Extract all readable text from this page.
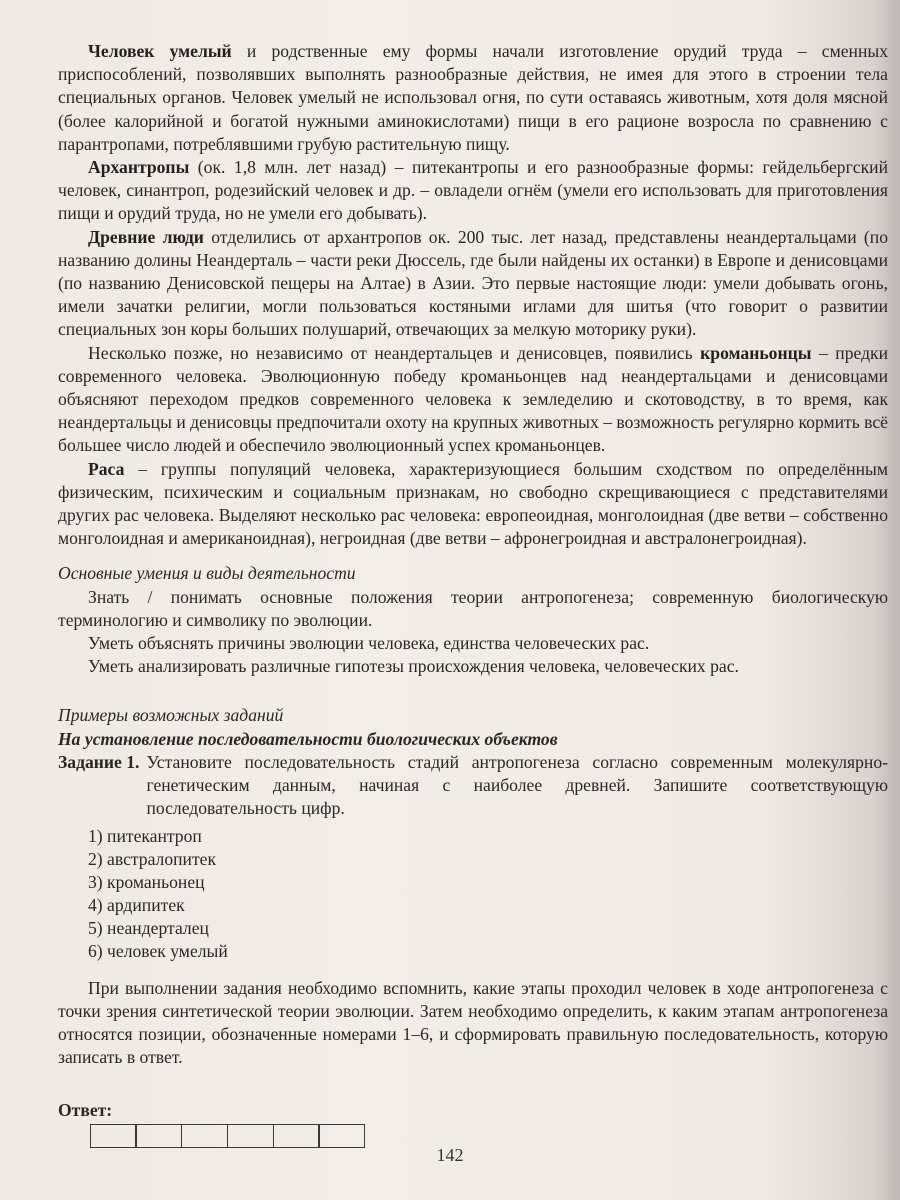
Человек умелый и родственные ему формы начали изготовление орудий труда – сменных приспособлений, позволявших выполнять разнообразные действия, не имея для этого в строении тела специальных органов. Человек умелый не использовал огня, по сути оставаясь животным, хотя доля мясной (более калорийной и богатой нужными аминокислотами) пищи в его рационе возросла по сравнению с парантропами, потреблявшими грубую растительную пищу.

Архантропы (ок. 1,8 млн. лет назад) – питекантропы и его разнообразные формы: гейдельбергский человек, синантроп, родезийский человек и др. – овладели огнём (умели его использовать для приготовления пищи и орудий труда, но не умели его добывать).

Древние люди отделились от архантропов ок. 200 тыс. лет назад, представлены неандертальцами (по названию долины Неандерталь – части реки Дюссель, где были найдены их останки) в Европе и денисовцами (по названию Денисовской пещеры на Алтае) в Азии. Это первые настоящие люди: умели добывать огонь, имели зачатки религии, могли пользоваться костяными иглами для шитья (что говорит о развитии специальных зон коры больших полушарий, отвечающих за мелкую моторику руки).

Несколько позже, но независимо от неандертальцев и денисовцев, появились кроманьонцы – предки современного человека. Эволюционную победу кроманьонцев над неандертальцами и денисовцами объясняют переходом предков современного человека к земледелию и скотоводству, в то время, как неандертальцы и денисовцы предпочитали охоту на крупных животных – возможность регулярно кормить всё большее число людей и обеспечило эволюционный успех кроманьонцев.

Раса – группы популяций человека, характеризующиеся большим сходством по определённым физическим, психическим и социальным признакам, но свободно скрещивающиеся с представителями других рас человека. Выделяют несколько рас человека: европеоидная, монголоидная (две ветви – собственно монголоидная и американоидная), негроидная (две ветви – афронегроидная и австралонегроидная).

Основные умения и виды деятельности

Знать / понимать основные положения теории антропогенеза; современную биологическую терминологию и символику по эволюции.

Уметь объяснять причины эволюции человека, единства человеческих рас.

Уметь анализировать различные гипотезы происхождения человека, человеческих рас.

Примеры возможных заданий

На установление последовательности биологических объектов

Задание 1. Установите последовательность стадий антропогенеза согласно современным молекулярно-генетическим данным, начиная с наиболее древней. Запишите соответствующую последовательность цифр.
1) питекантроп
2) австралопитек
3) кроманьонец
4) ардипитек
5) неандерталец
6) человек умелый

При выполнении задания необходимо вспомнить, какие этапы проходил человек в ходе антропогенеза с точки зрения синтетической теории эволюции. Затем необходимо определить, к каким этапам антропогенеза относятся позиции, обозначенные номерами 1–6, и сформировать правильную последовательность, которую записать в ответ.

Ответ:

142
